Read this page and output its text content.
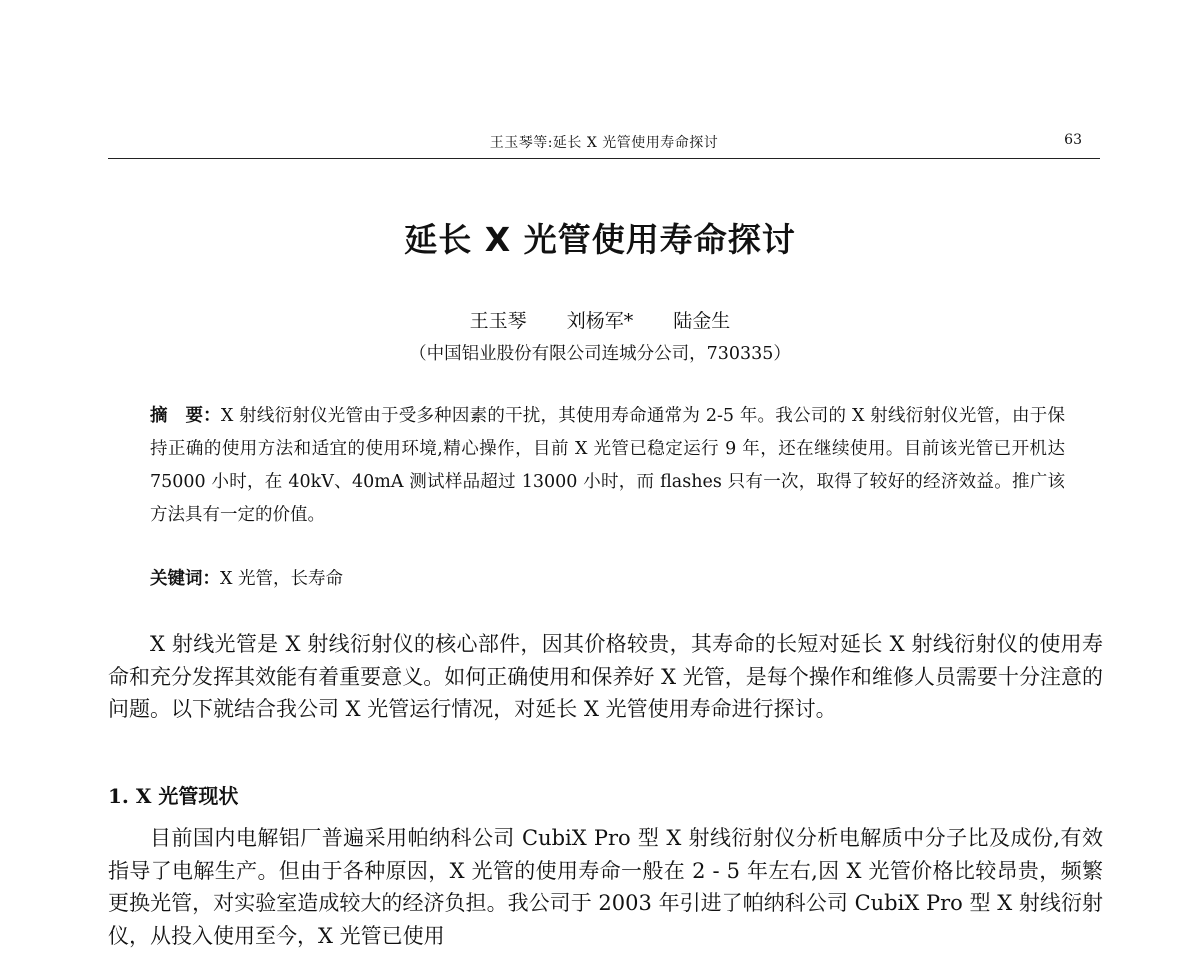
王玉琴等:延长 X 光管使用寿命探讨	63
延长 X 光管使用寿命探讨
王玉琴 刘杨军* 陆金生
（中国铝业股份有限公司连城分公司，730335）
摘　要：X 射线衍射仪光管由于受多种因素的干扰，其使用寿命通常为 2-5 年。我公司的 X 射线衍射仪光管，由于保持正确的使用方法和适宜的使用环境,精心操作，目前 X 光管已稳定运行 9 年，还在继续使用。目前该光管已开机达 75000 小时，在 40kV、40mA 测试样品超过 13000 小时，而 flashes 只有一次，取得了较好的经济效益。推广该方法具有一定的价值。
关键词：X 光管，长寿命

X 射线光管是 X 射线衍射仪的核心部件，因其价格较贵，其寿命的长短对延长 X 射线衍射仪的使用寿命和充分发挥其效能有着重要意义。如何正确使用和保养好 X 光管，是每个操作和维修人员需要十分注意的问题。以下就结合我公司 X 光管运行情况，对延长 X 光管使用寿命进行探讨。

1. X 光管现状

目前国内电解铝厂普遍采用帕纳科公司 CubiX Pro 型 X 射线衍射仪分析电解质中分子比及成份,有效指导了电解生产。但由于各种原因，X 光管的使用寿命一般在 2 - 5 年左右,因 X 光管价格比较昂贵，频繁更换光管，对实验室造成较大的经济负担。我公司于 2003 年引进了帕纳科公司 CubiX Pro 型 X 射线衍射仪，从投入使用至今，X 光管已使用
